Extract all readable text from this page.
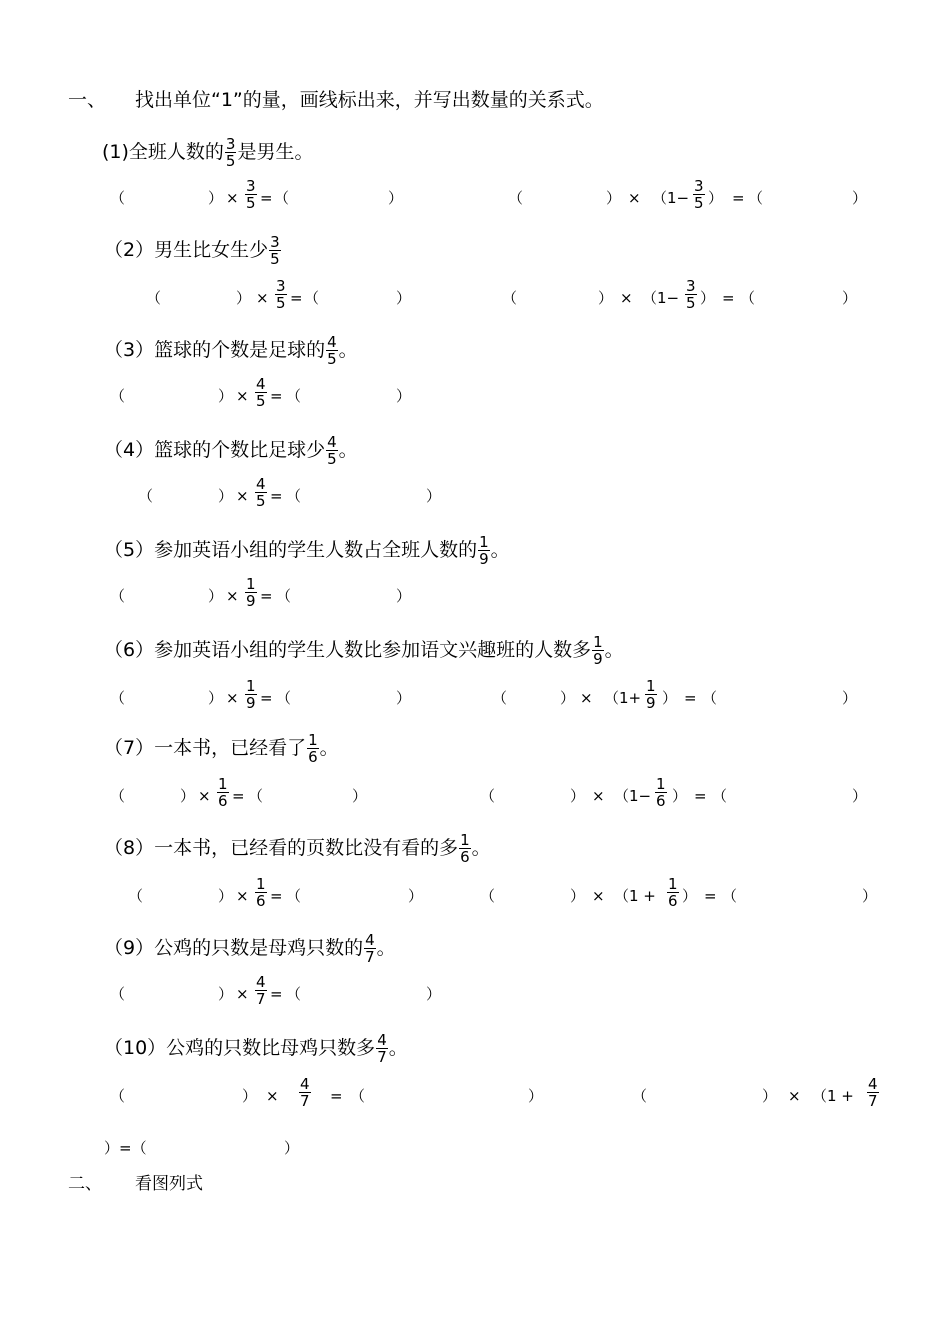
一、 找出单位“1”的量，画线标出来，并写出数量的关系式。
(1)全班人数的 $\frac{3}{5}$ 是男生。
（	） × $\frac{3}{5}$ = （	）	（	） × （$1- \frac{3}{5}$ ） = （	）
（2）男生比女生少 $\frac{3}{5}$
（	） × $\frac{3}{5}$ = （	）	（	） × （$1- \frac{3}{5}$ ） = （	）
（3）篮球的个数是足球的 $\frac{4}{5}$ 。
（	） × $\frac{4}{5}$ = （	）
（4）篮球的个数比足球少 $\frac{4}{5}$ 。
（	） × $\frac{4}{5}$ = （	）
（5）参加英语小组的学生人数占全班人数的 $\frac{1}{9}$ 。
（	） × $\frac{1}{9}$ = （	）
（6）参加英语小组的学生人数比参加语文兴趣班的人数多 $\frac{1}{9}$ 。
（	） × $\frac{1}{9}$ = （	）	（	） × （$1+ \frac{1}{9}$ ） = （	）
（7）一本书，已经看了 $\frac{1}{6}$ 。
（	） × $\frac{1}{6}$ = （	）	（	） × （$1- \frac{1}{6}$ ） = （	）
（8）一本书，已经看的页数比没有看的多 $\frac{1}{6}$ 。
（	） × $\frac{1}{6}$ = （	）	（	） × （$1 + \frac{1}{6}$ ） = （	）
（9）公鸡的只数是母鸡只数的 $\frac{4}{7}$ 。
（	） × $\frac{4}{7}$ = （	）
（10）公鸡的只数比母鸡只数多 $\frac{4}{7}$ 。
（	） × $\frac{4}{7}$ = （	）	（	） × （$1 + \frac{4}{7}$
）=（	）
二、 看图列式
